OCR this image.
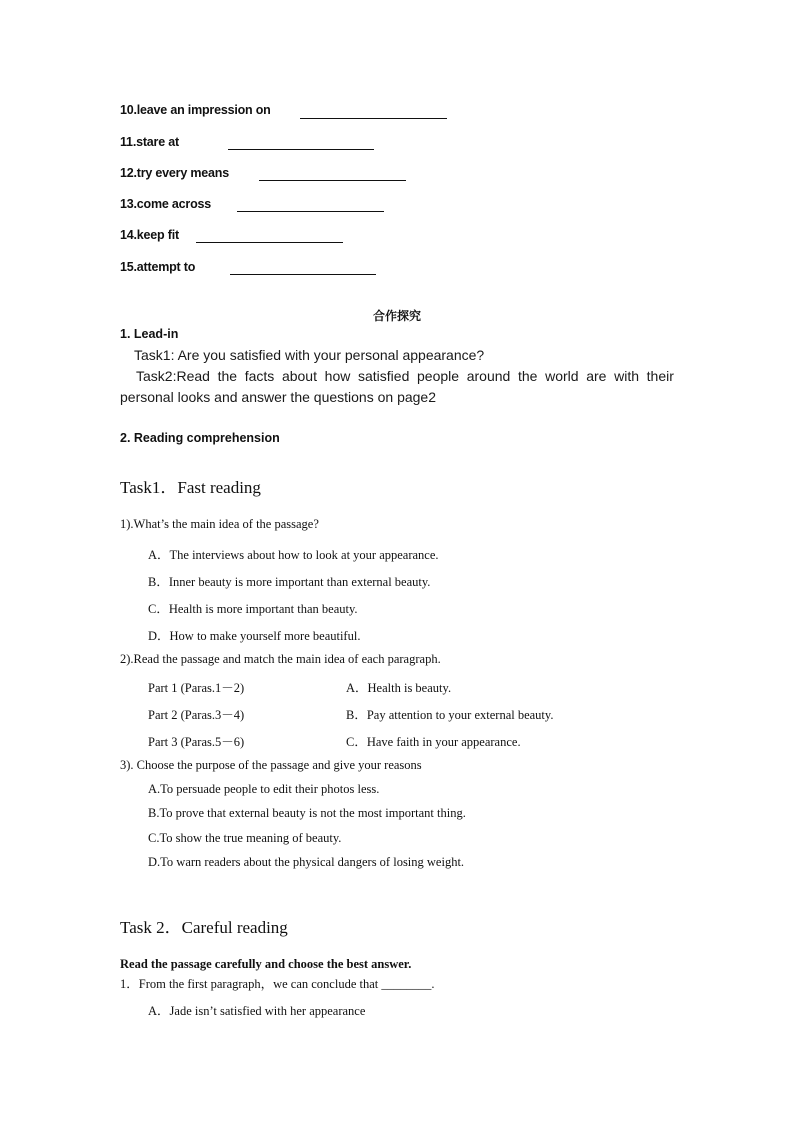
10.leave an impression on
11.stare at
12.try every means
13.come across
14.keep fit
15.attempt to
合作探究
1. Lead-in
Task1: Are you satisfied with your personal appearance?
Task2:Read the facts about how satisfied people around the world are with their
personal looks and answer the questions on page2
2. Reading comprehension
Task1．Fast reading
1).What’s the main idea of the passage?
A．The interviews about how to look at your appearance.
B．Inner beauty is more important than external beauty.
C．Health is more important than beauty.
D．How to make yourself more beautiful.
2).Read the passage and match the main idea of each paragraph.
Part 1 (Paras.1－2)	A．Health is beauty.
Part 2 (Paras.3－4)	B．Pay attention to your external beauty.
Part 3 (Paras.5－6)	C．Have faith in your appearance.
3). Choose the purpose of the passage and give your reasons
A.To persuade people to edit their photos less.
B.To prove that external beauty is not the most important thing.
C.To show the true meaning of beauty.
D.To warn readers about the physical dangers of losing weight.
Task 2．Careful reading
Read the passage carefully and choose the best answer.
1．From the first paragraph，we can conclude that ________.
A．Jade isn’t satisfied with her appearance
